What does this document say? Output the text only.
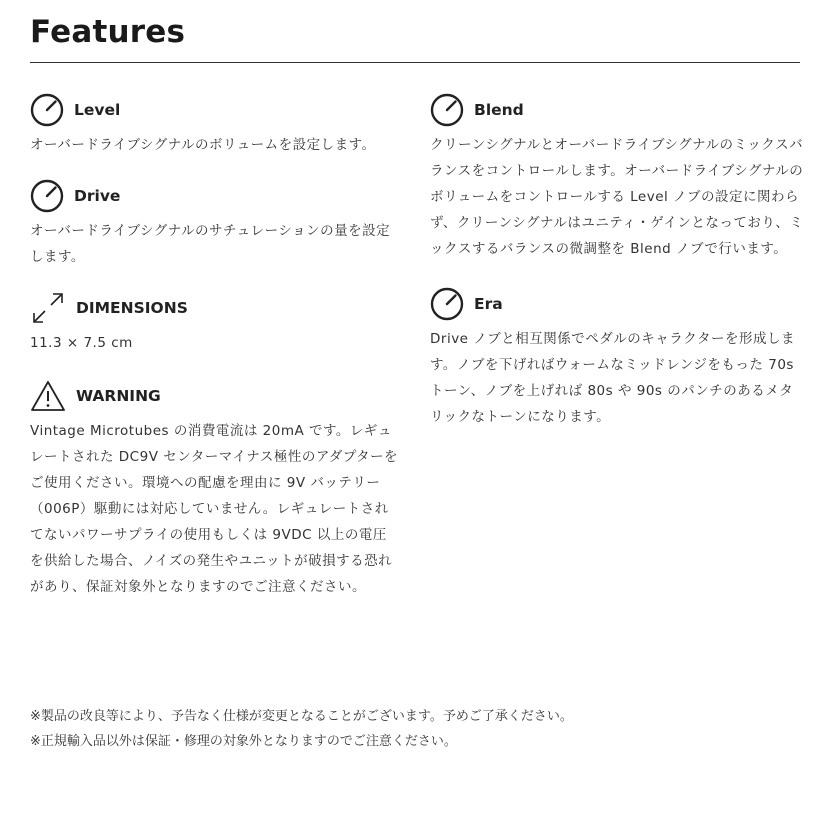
Features
Level

オーバードライブシグナルのボリュームを設定します。

Drive

オーバードライブシグナルのサチュレーションの量を設定します。

DIMENSIONS

11.3 × 7.5 cm

WARNING

Vintage Microtubes の消費電流は 20mA です。レギュレートされた DC9V センターマイナス極性のアダプターをご使用ください。環境への配慮を理由に 9V バッテリー（006P）駆動には対応していません。レギュレートされてないパワーサプライの使用もしくは 9VDC 以上の電圧を供給した場合、ノイズの発生やユニットが破損する恐れがあり、保証対象外となりますのでご注意ください。

Blend

クリーンシグナルとオーバードライブシグナルのミックスバランスをコントロールします。オーバードライブシグナルのボリュームをコントロールする Level ノブの設定に関わらず、クリーンシグナルはユニティ・ゲインとなっており、ミックスするバランスの微調整を Blend ノブで行います。

Era

Drive ノブと相互関係でペダルのキャラクターを形成します。ノブを下げればウォームなミッドレンジをもった 70s トーン、ノブを上げれば 80s や 90s のパンチのあるメタリックなトーンになります。

※製品の改良等により、予告なく仕様が変更となることがございます。予めご了承ください。
※正規輸入品以外は保証・修理の対象外となりますのでご注意ください。
